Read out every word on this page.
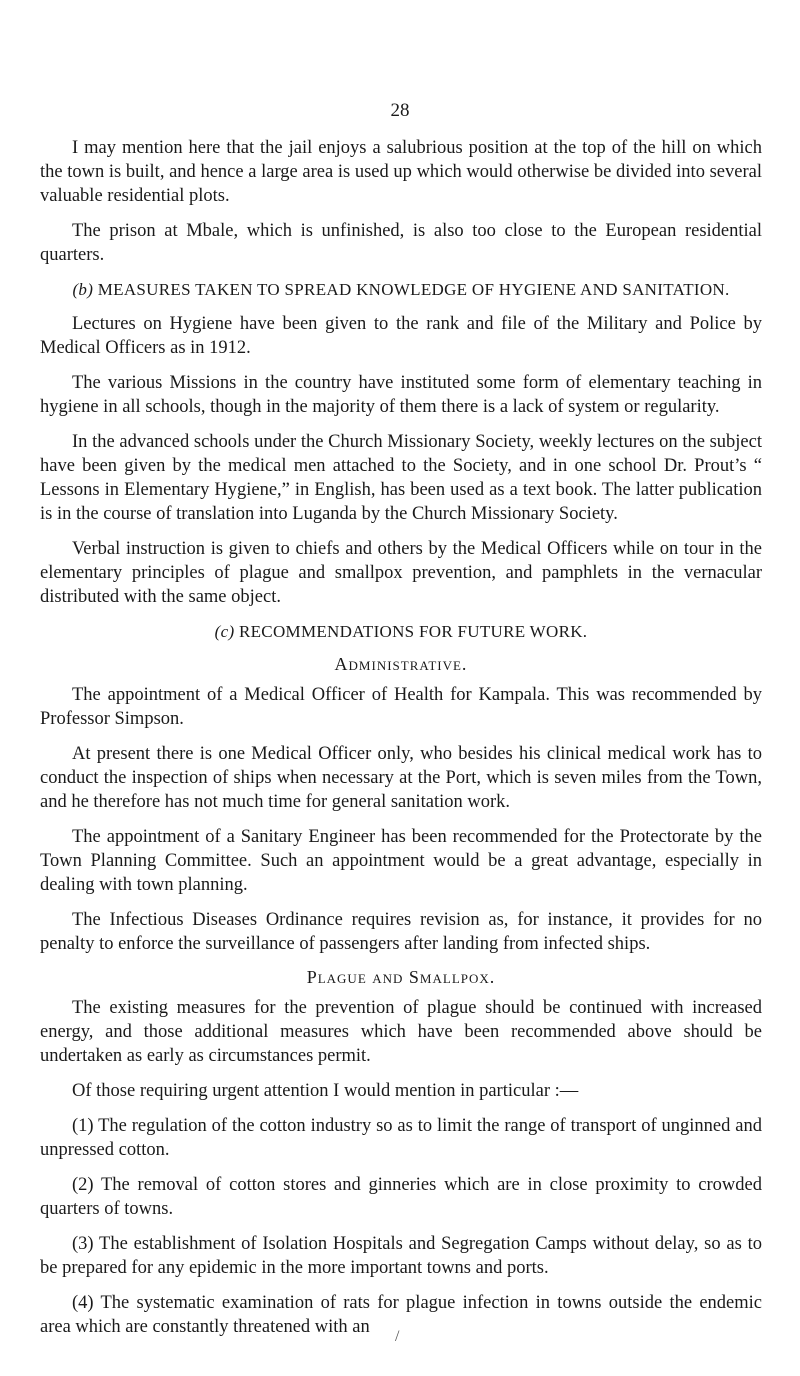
28

I may mention here that the jail enjoys a salubrious position at the top of the hill on which the town is built, and hence a large area is used up which would otherwise be divided into several valuable residential plots.

The prison at Mbale, which is unfinished, is also too close to the European residential quarters.

(b) MEASURES TAKEN TO SPREAD KNOWLEDGE OF HYGIENE AND SANITATION.

Lectures on Hygiene have been given to the rank and file of the Military and Police by Medical Officers as in 1912.

The various Missions in the country have instituted some form of elementary teaching in hygiene in all schools, though in the majority of them there is a lack of system or regularity.

In the advanced schools under the Church Missionary Society, weekly lectures on the subject have been given by the medical men attached to the Society, and in one school Dr. Prout’s “ Lessons in Elementary Hygiene,” in English, has been used as a text book. The latter publication is in the course of translation into Luganda by the Church Missionary Society.

Verbal instruction is given to chiefs and others by the Medical Officers while on tour in the elementary principles of plague and smallpox prevention, and pamphlets in the vernacular distributed with the same object.

(c) RECOMMENDATIONS FOR FUTURE WORK.

Administrative.

The appointment of a Medical Officer of Health for Kampala. This was recommended by Professor Simpson.

At present there is one Medical Officer only, who besides his clinical medical work has to conduct the inspection of ships when necessary at the Port, which is seven miles from the Town, and he therefore has not much time for general sanitation work.

The appointment of a Sanitary Engineer has been recommended for the Protectorate by the Town Planning Committee. Such an appointment would be a great advantage, especially in dealing with town planning.

The Infectious Diseases Ordinance requires revision as, for instance, it provides for no penalty to enforce the surveillance of passengers after landing from infected ships.

Plague and Smallpox.

The existing measures for the prevention of plague should be continued with increased energy, and those additional measures which have been recommended above should be undertaken as early as circumstances permit.

Of those requiring urgent attention I would mention in particular :—

(1) The regulation of the cotton industry so as to limit the range of transport of unginned and unpressed cotton.

(2) The removal of cotton stores and ginneries which are in close proximity to crowded quarters of towns.

(3) The establishment of Isolation Hospitals and Segregation Camps without delay, so as to be prepared for any epidemic in the more important towns and ports.

(4) The systematic examination of rats for plague infection in towns outside the endemic area which are constantly threatened with an	/
